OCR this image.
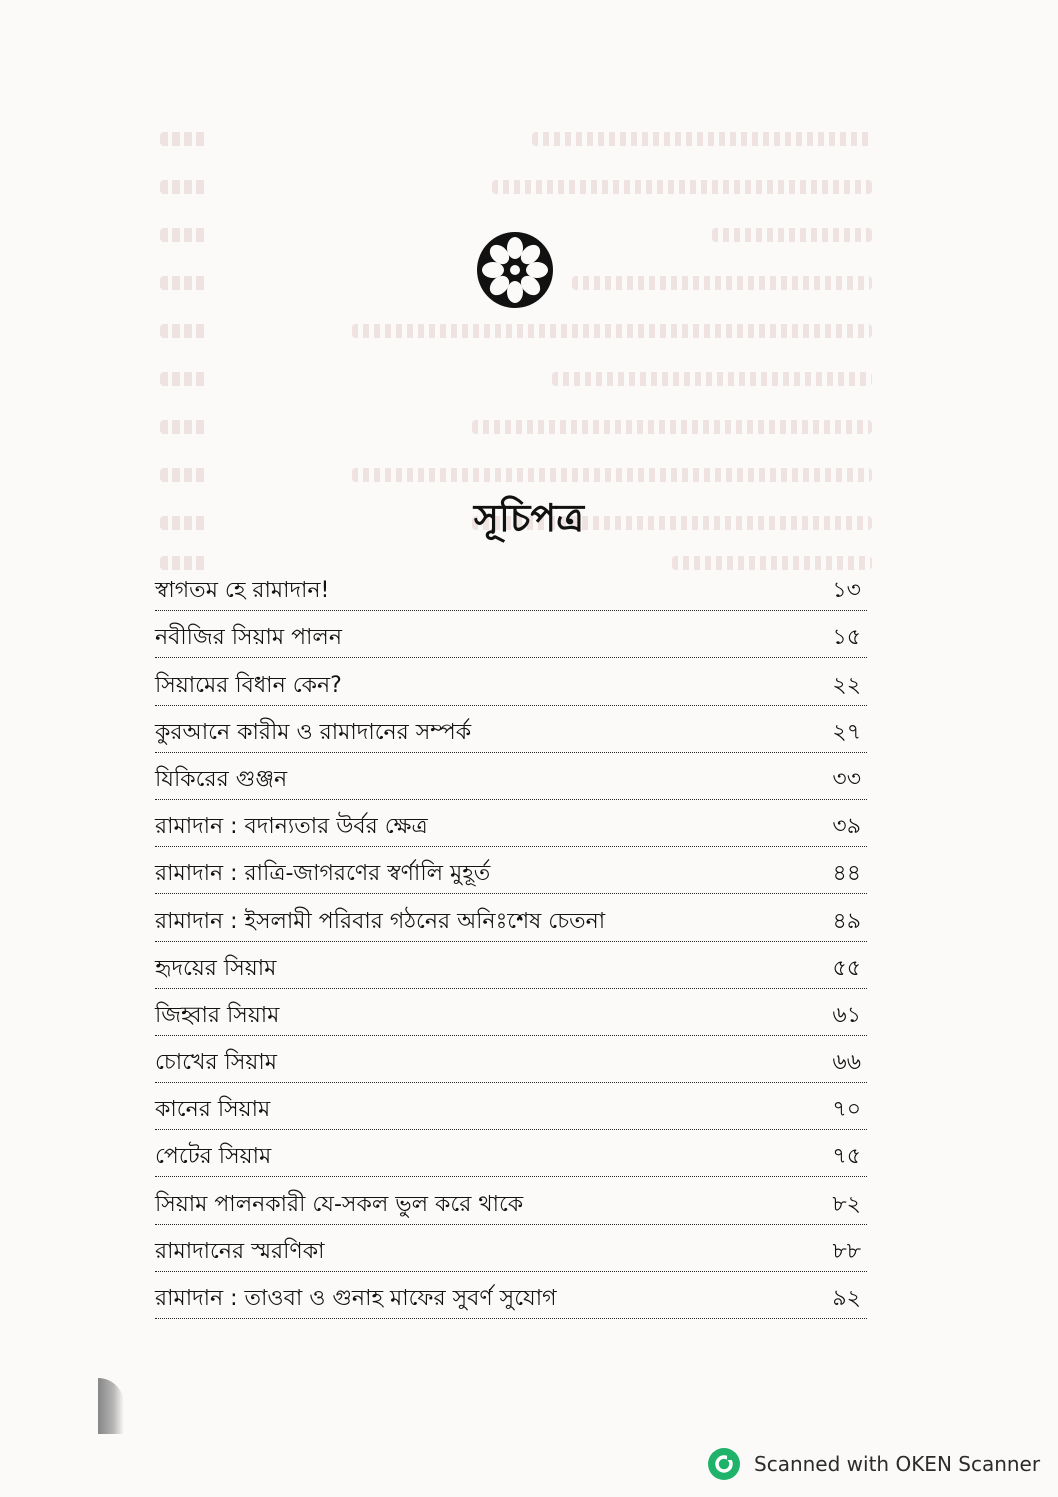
সূচিপত্র
স্বাগতম হে রামাদান!	১৩
নবীজির সিয়াম পালন	১৫
সিয়ামের বিধান কেন?	২২
কুরআনে কারীম ও রামাদানের সম্পর্ক	২৭
যিকিরের গুঞ্জন	৩৩
রামাদান : বদান্যতার উর্বর ক্ষেত্র	৩৯
রামাদান : রাত্রি-জাগরণের স্বর্ণালি মুহূর্ত	৪৪
রামাদান : ইসলামী পরিবার গঠনের অনিঃশেষ চেতনা	৪৯
হৃদয়ের সিয়াম	৫৫
জিহ্বার সিয়াম	৬১
চোখের সিয়াম	৬৬
কানের সিয়াম	৭০
পেটের সিয়াম	৭৫
সিয়াম পালনকারী যে-সকল ভুল করে থাকে	৮২
রামাদানের স্মরণিকা	৮৮
রামাদান : তাওবা ও গুনাহ মাফের সুবর্ণ সুযোগ	৯২
Scanned with OKEN Scanner
